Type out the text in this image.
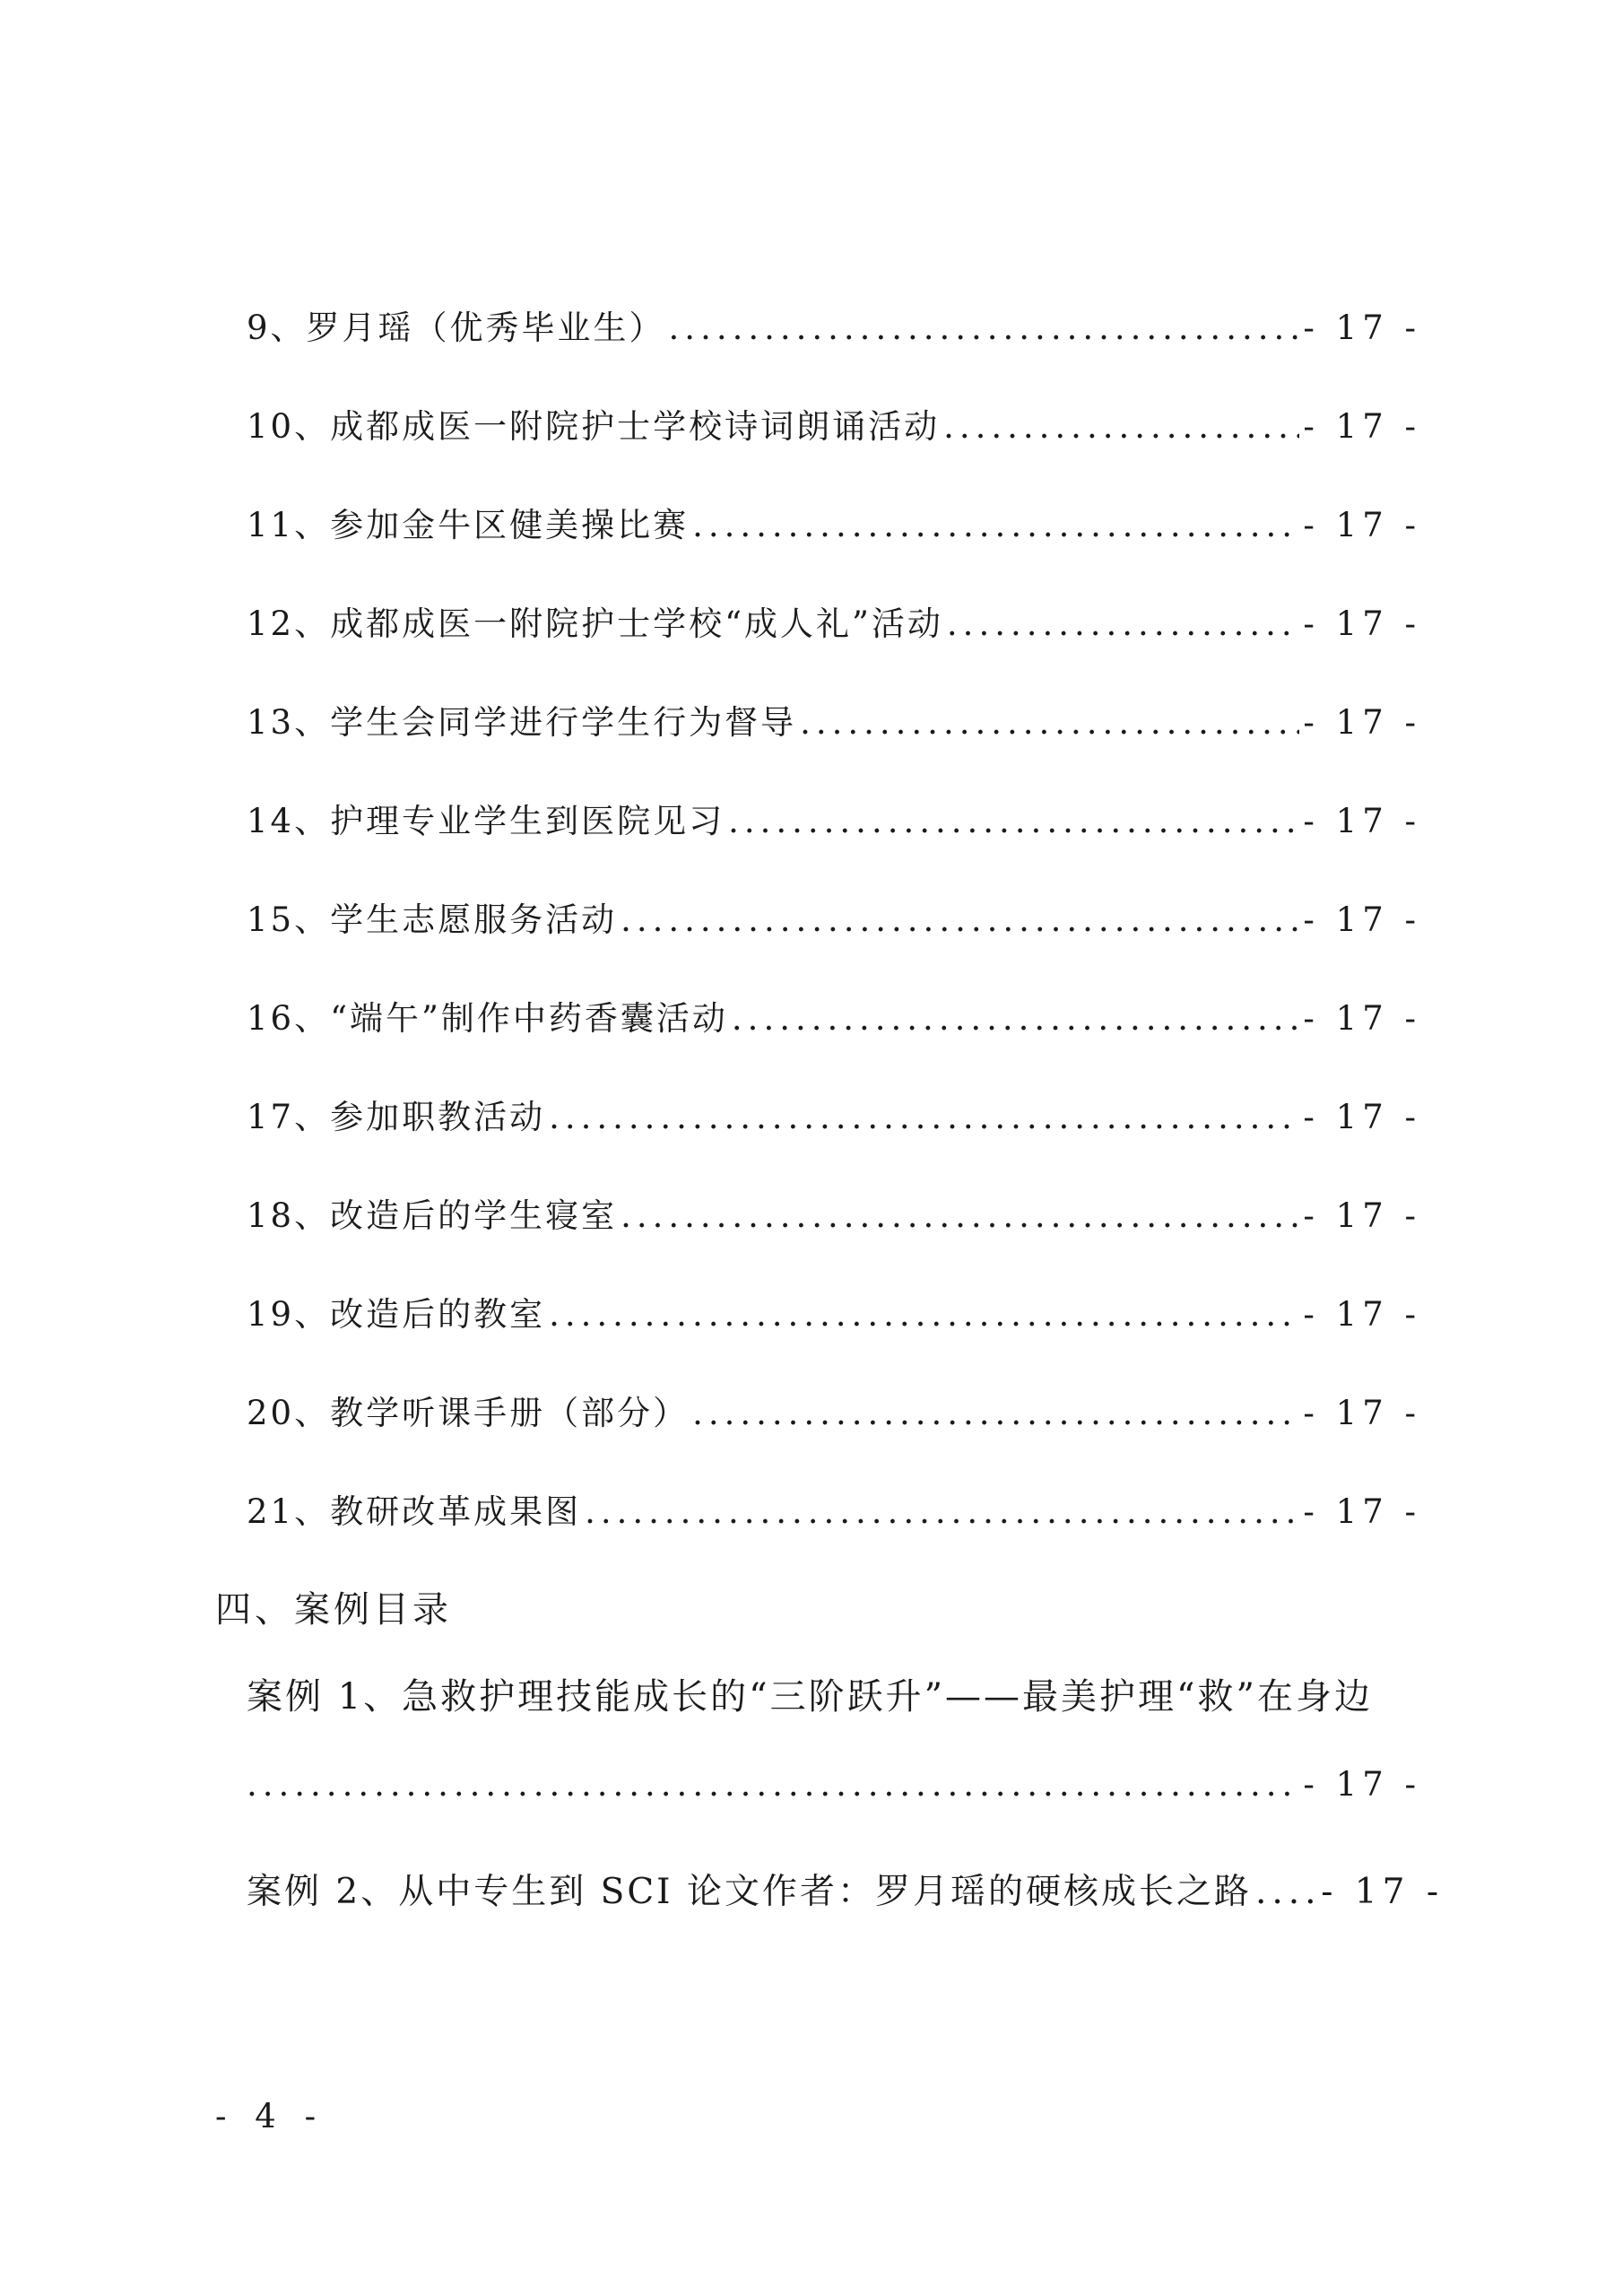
9、罗月瑶（优秀毕业生） .....	- 17 -
10、成都成医一附院护士学校诗词朗诵活动 .....	- 17 -
11、参加金牛区健美操比赛 .....	- 17 -
12、成都成医一附院护士学校“成人礼”活动 .....	- 17 -
13、学生会同学进行学生行为督导 .....	- 17 -
14、护理专业学生到医院见习 .....	- 17 -
15、学生志愿服务活动 .....	- 17 -
16、“端午”制作中药香囊活动 .....	- 17 -
17、参加职教活动 .....	- 17 -
18、改造后的学生寝室 .....	- 17 -
19、改造后的教室 .....	- 17 -
20、教学听课手册（部分） .....	- 17 -
21、教研改革成果图 .....	- 17 -
四、案例目录
案例 1、急救护理技能成长的“三阶跃升”——最美护理“救”在身边
.....
- 17 -
案例 2、从中专生到 SCI 论文作者：罗月瑶的硬核成长之路 ..... - 17 -
- 4 -
